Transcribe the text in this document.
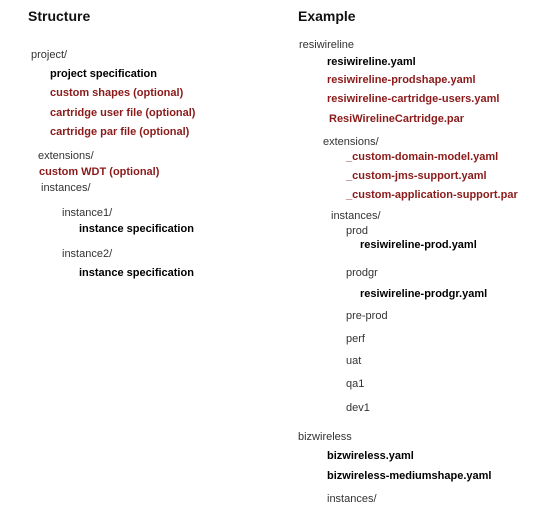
Structure
project/
project specification
custom shapes (optional)
cartridge user file (optional)
cartridge par file (optional)
extensions/
custom WDT (optional)
instances/
instance1/
instance specification
instance2/
instance specification
Example
resiwireline
resiwireline.yaml
resiwireline-prodshape.yaml
resiwireline-cartridge-users.yaml
ResiWirelineCartridge.par
extensions/
_custom-domain-model.yaml
_custom-jms-support.yaml
_custom-application-support.par
instances/
prod
resiwireline-prod.yaml
prodgr
resiwireline-prodgr.yaml
pre-prod
perf
uat
qa1
dev1
bizwireless
bizwireless.yaml
bizwireless-mediumshape.yaml
instances/
